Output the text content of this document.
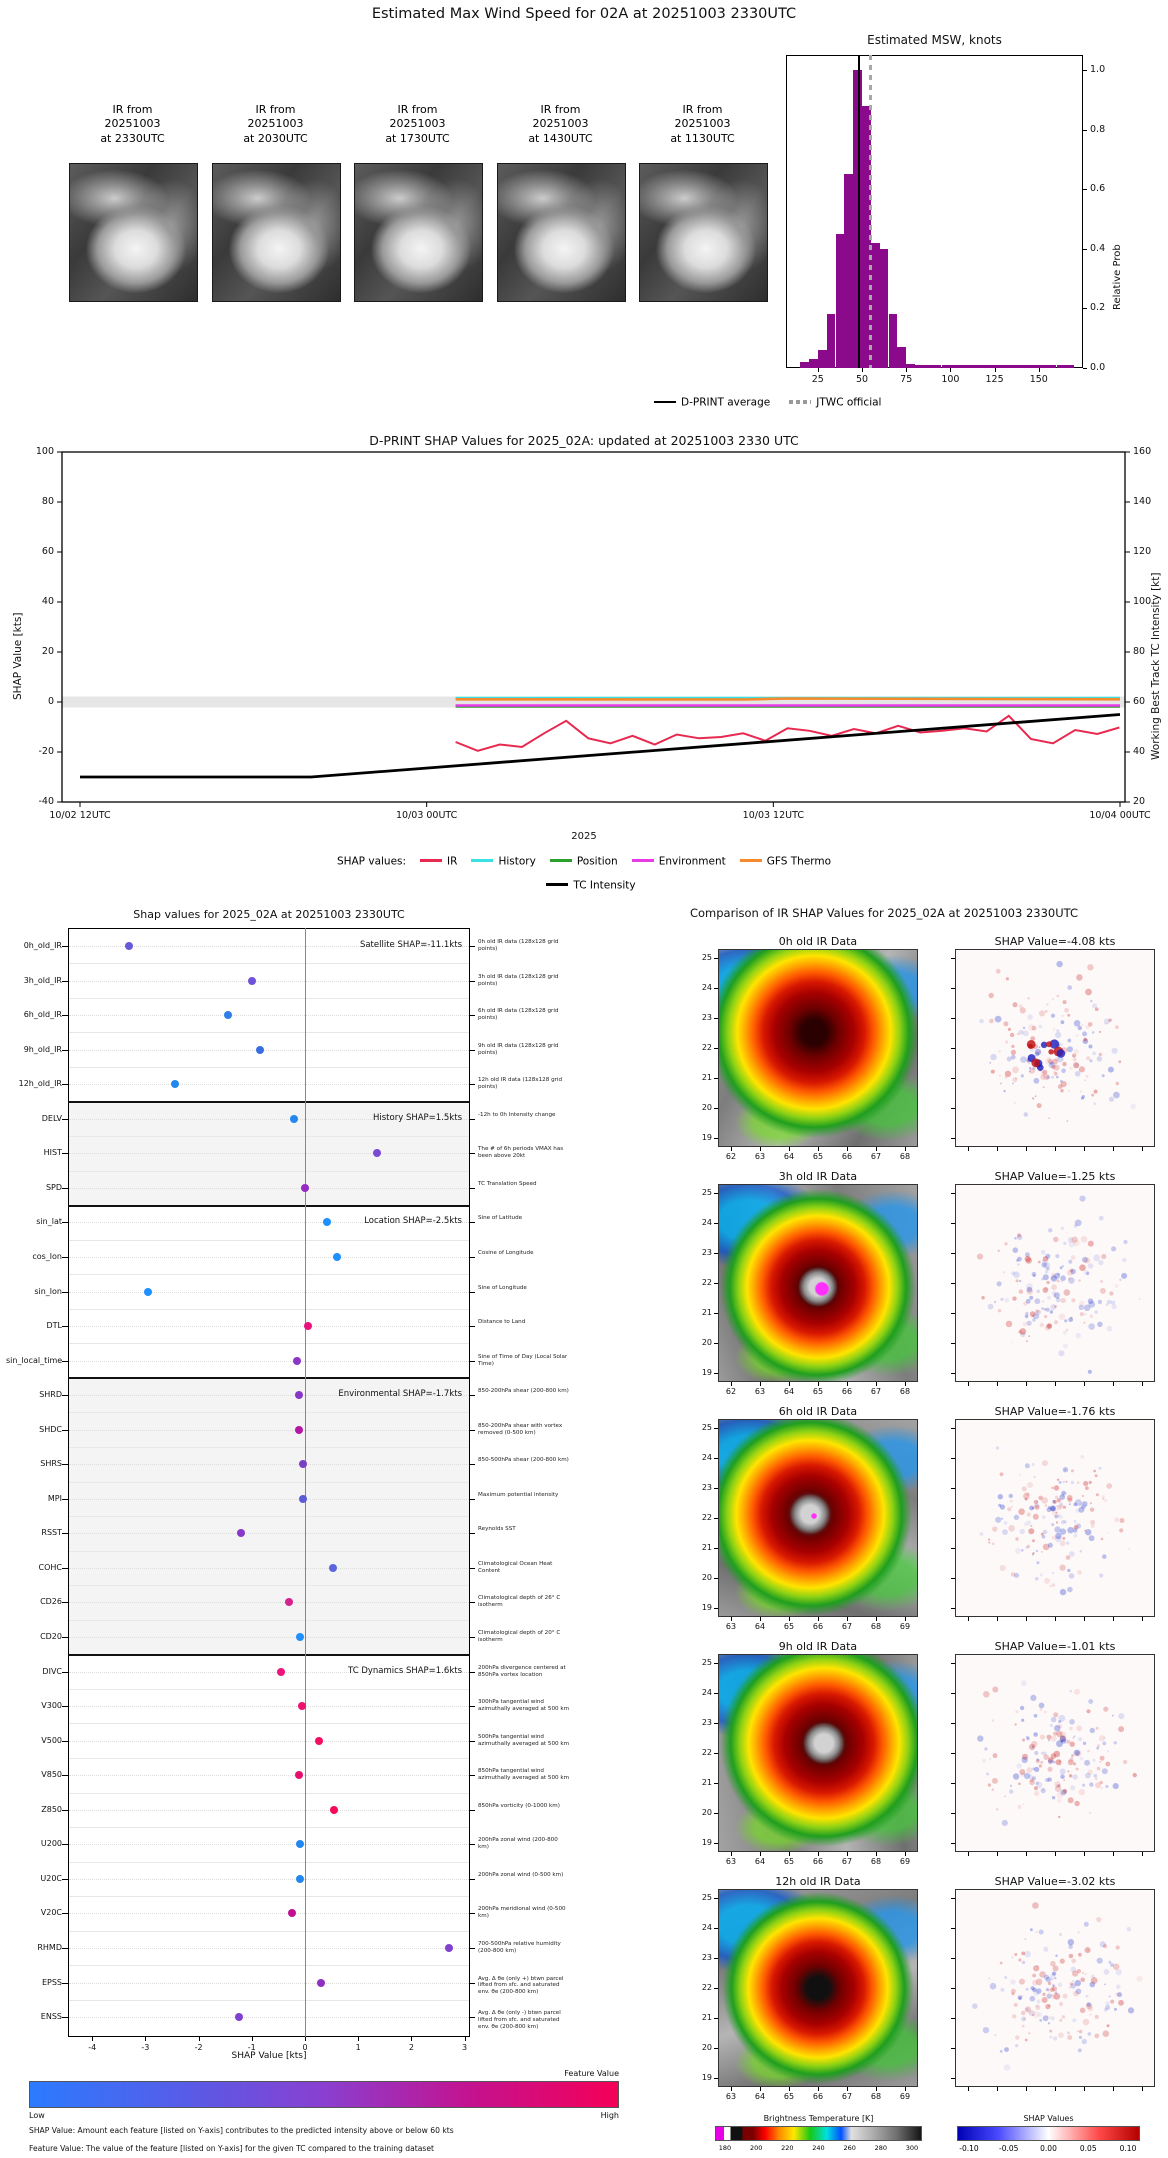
Estimated Max Wind Speed for 02A at 20251003 2330UTC
Estimated MSW, knots
Relative Prob
D-PRINT average	JTWC official
D-PRINT SHAP Values for 2025_02A: updated at 20251003 2330 UTC
SHAP Value [kts]	Working Best Track TC Intensity [kt]
2025
SHAP values:	IR	History	Position	Environment	GFS Thermo
TC Intensity
Shap values for 2025_02A at 20251003 2330UTC
SHAP Value [kts]
Feature Value
Low	High
SHAP Value: Amount each feature [listed on Y-axis] contributes to the predicted intensity above or below 60 kts
Feature Value: The value of the feature [listed on Y-axis] for the given TC compared to the training dataset
Comparison of IR SHAP Values for 2025_02A at 20251003 2330UTC
Brightness Temperature [K]	SHAP Values
IR from
20251003
at 2330UTC
IR from
20251003
at 2030UTC
IR from
20251003
at 1730UTC
IR from
20251003
at 1430UTC
IR from
20251003
at 1130UTC
25	50	75	100	125	150
0.0
0.2
0.4
0.6
0.8
1.0
100
80
60
40
20
0
-20
-40
160
140
120
100
80
60
40
20
10/02 12UTC	10/03 00UTC	10/03 12UTC	10/04 00UTC
Satellite SHAP=-11.1kts
History SHAP=1.5kts
Location SHAP=-2.5kts
Environmental SHAP=-1.7kts
TC Dynamics SHAP=1.6kts
0h_old_IR	0h old IR data (128x128 grid points)
3h_old_IR	3h old IR data (128x128 grid points)
6h_old_IR	6h old IR data (128x128 grid points)
9h_old_IR	9h old IR data (128x128 grid points)
12h_old_IR	12h old IR data (128x128 grid points)
DELV	-12h to 0h Intensity change
HIST	The # of 6h periods VMAX has been above 20kt
SPD	TC Translation Speed
sin_lat	Sine of Latitude
cos_lon	Cosine of Longitude
sin_lon	Sine of Longitude
DTL	Distance to Land
sin_local_time	Sine of Time of Day (Local Solar Time)
SHRD	850-200hPa shear (200-800 km)
SHDC	850-200hPa shear with vortex removed (0-500 km)
SHRS	850-500hPa shear (200-800 km)
MPI	Maximum potential intensity
RSST	Reynolds SST
COHC	Climatological Ocean Heat Content
CD26	Climatological depth of 26° C isotherm
CD20	Climatological depth of 20° C isotherm
DIVC	200hPa divergence centered at 850hPa vortex location
V300	300hPa tangential wind azimuthally averaged at 500 km
V500	500hPa tangential wind azimuthally averaged at 500 km
V850	850hPa tangential wind azimuthally averaged at 500 km
Z850	850hPa vorticity (0-1000 km)
U200	200hPa zonal wind (200-800 km)
U20C	200hPa zonal wind (0-500 km)
V20C	200hPa meridional wind (0-500 km)
RHMD	700-500hPa relative humidity (200-800 km)
EPSS	Avg. Δ θe (only +) btwn parcel lifted from sfc. and saturated env. θe (200-800 km)
ENSS	Avg. Δ θe (only -) btwn parcel lifted from sfc. and saturated env. θe (200-800 km)
-4	-3	-2	-1	0	1	2	3
0h old IR Data	SHAP Value=-4.08 kts
25
24
23
22
21
20
19
62	63	64	65	66	67	68
3h old IR Data	SHAP Value=-1.25 kts
25
24
23
22
21
20
19
62	63	64	65	66	67	68
6h old IR Data	SHAP Value=-1.76 kts
25
24
23
22
21
20
19
63	64	65	66	67	68	69
9h old IR Data	SHAP Value=-1.01 kts
25
24
23
22
21
20
19
63	64	65	66	67	68	69
12h old IR Data	SHAP Value=-3.02 kts
25
24
23
22
21
20
19
63	64	65	66	67	68	69
180	200	220	240	260	280	300	-0.10	-0.05	0.00	0.05	0.10
